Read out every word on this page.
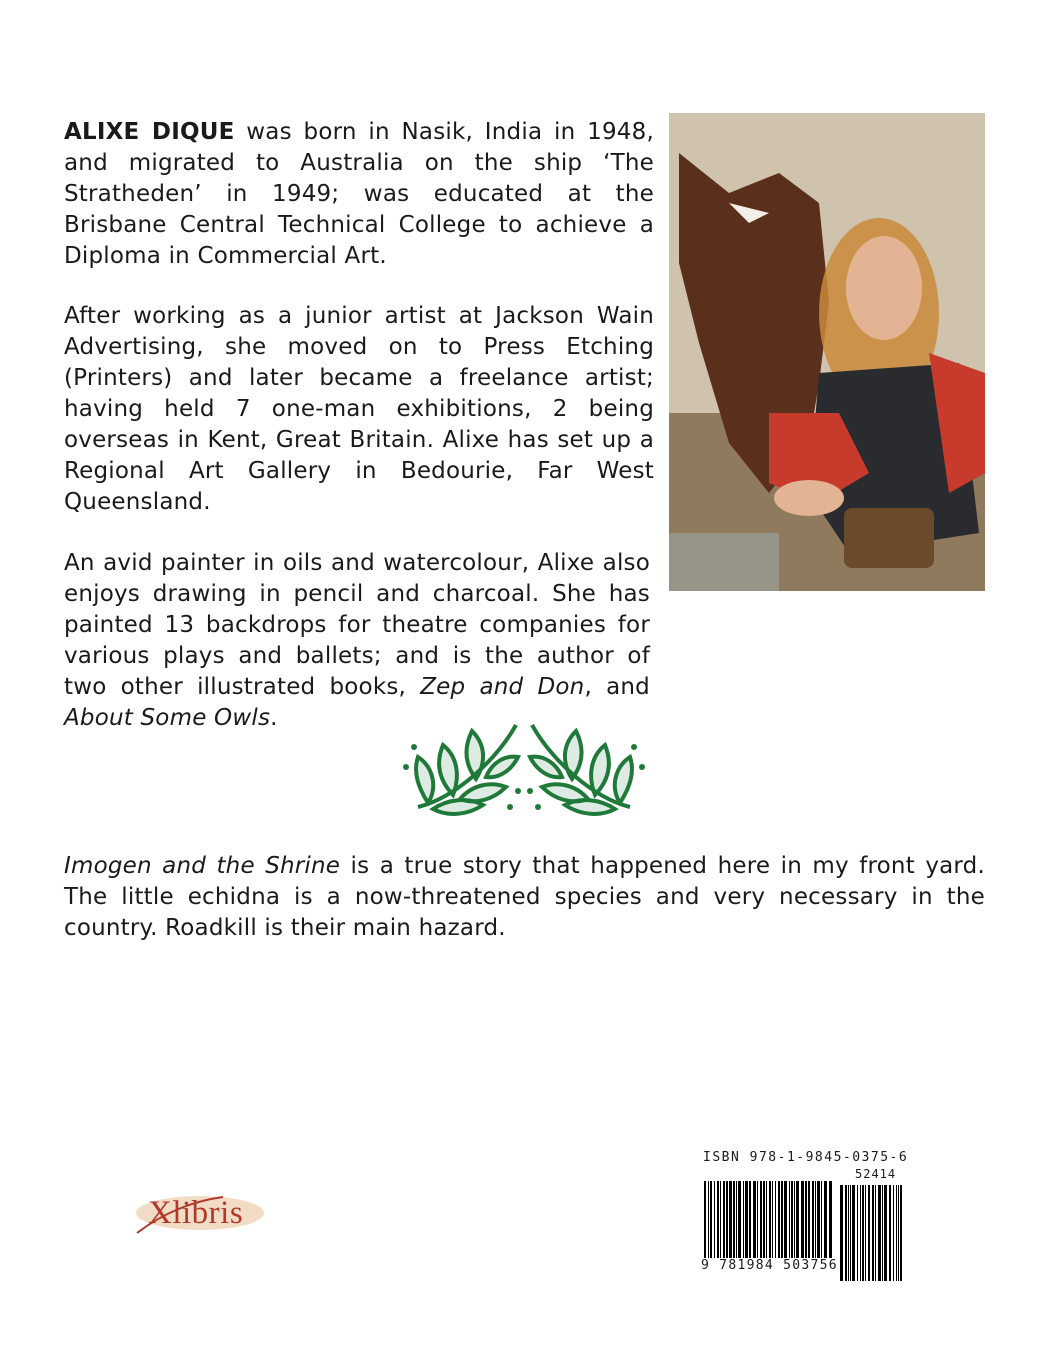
ALIXE DIQUE was born in Nasik, India in 1948, and migrated to Australia on the ship ‘The Stratheden’ in 1949; was educated at the Brisbane Central Technical College to achieve a Diploma in Commercial Art.

After working as a junior artist at Jackson Wain Advertising, she moved on to Press Etching (Printers) and later became a freelance artist; having held 7 one-man exhibitions, 2 being overseas in Kent, Great Britain. Alixe has set up a Regional Art Gallery in Bedourie, Far West Queensland.

An avid painter in oils and watercolour, Alixe also enjoys drawing in pencil and charcoal. She has painted 13 backdrops for theatre companies for various plays and ballets; and is the author of two other illustrated books, Zep and Don, and About Some Owls.

Imogen and the Shrine is a true story that happened here in my front yard. The little echidna is a now-threatened species and very necessary in the country. Roadkill is their main hazard.

Xlibris
ISBN 978-1-9845-0375-6
52414
9 781984 503756
